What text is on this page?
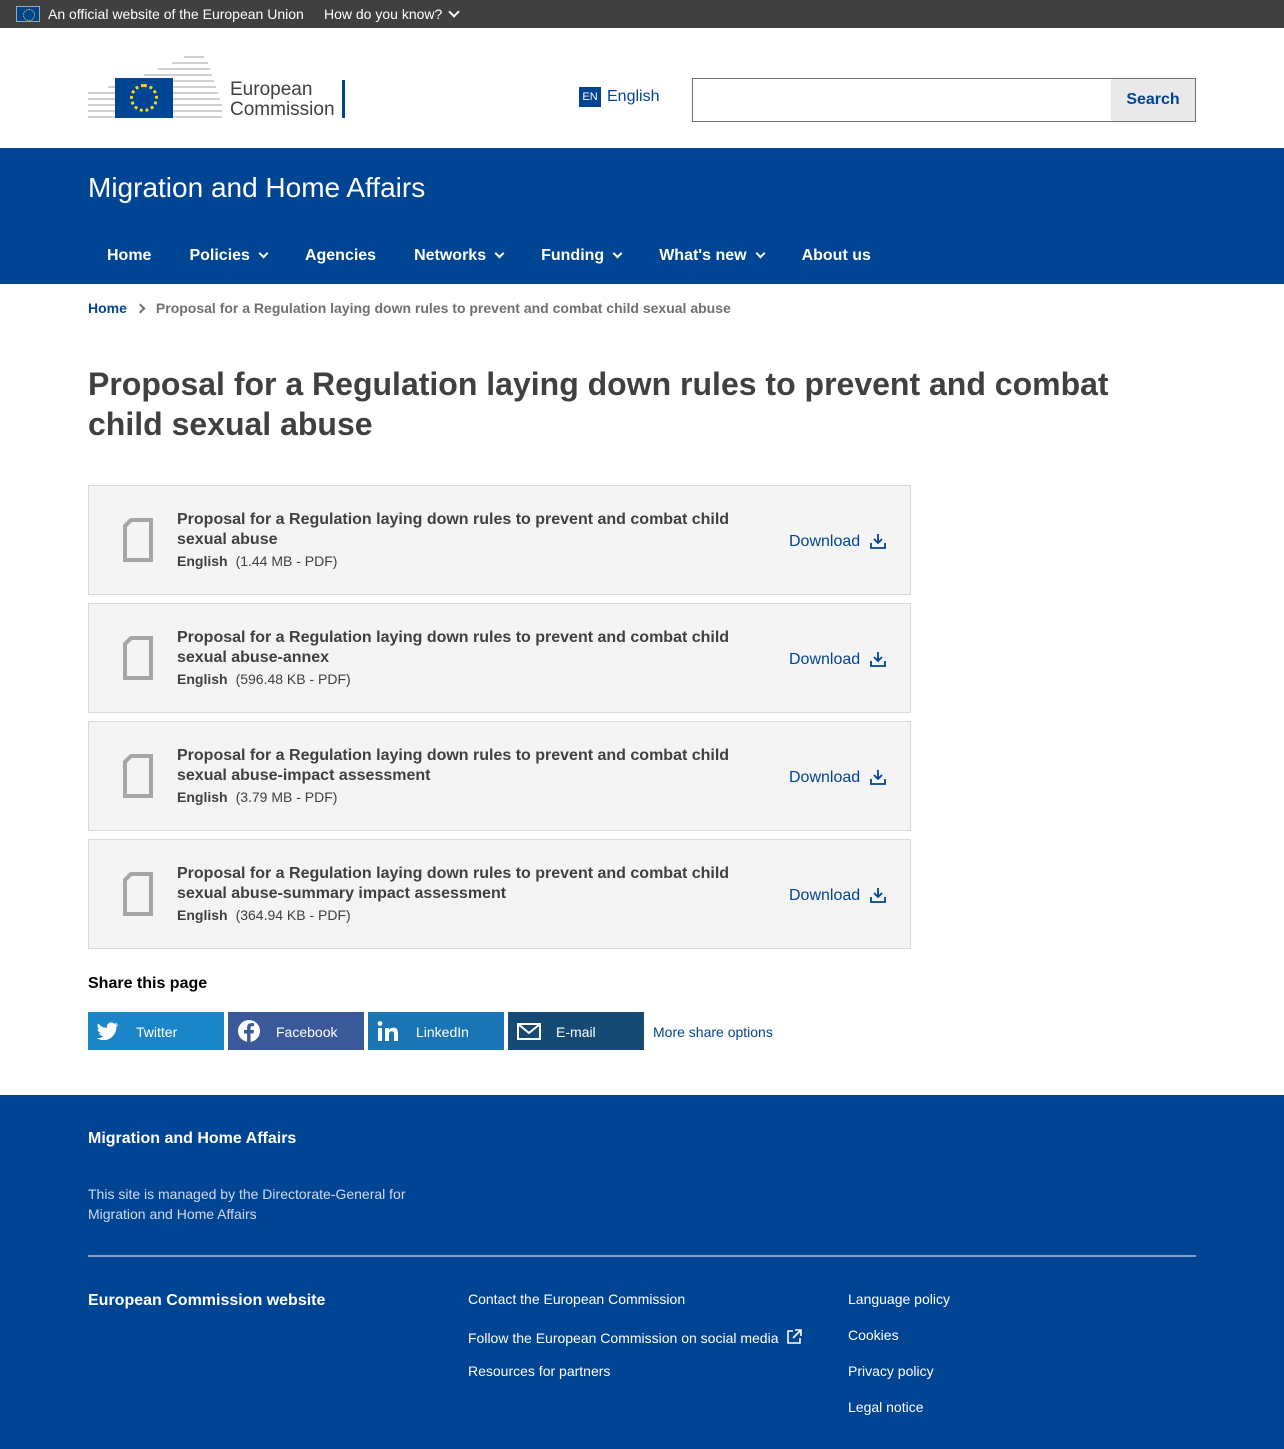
An official website of the European Union How do you know?
European
Commission
EN English	Search
Migration and Home Affairs
Home	Policies	Agencies	Networks	Funding	What's new	About us
Home Proposal for a Regulation laying down rules to prevent and combat child sexual abuse
Proposal for a Regulation laying down rules to prevent and combat child sexual abuse
Proposal for a Regulation laying down rules to prevent and combat child sexual abuse
English (1.44 MB - PDF)
Download
Proposal for a Regulation laying down rules to prevent and combat child sexual abuse-annex
English (596.48 KB - PDF)
Download
Proposal for a Regulation laying down rules to prevent and combat child sexual abuse-impact assessment
English (3.79 MB - PDF)
Download
Proposal for a Regulation laying down rules to prevent and combat child sexual abuse-summary impact assessment
English (364.94 KB - PDF)
Download
Share this page
Twitter	Facebook	LinkedIn	E-mail	More share options
Migration and Home Affairs
This site is managed by the Directorate-General for Migration and Home Affairs
European Commission website	Contact the European Commission
Follow the European Commission on social media
Resources for partners
Language policy
Cookies
Privacy policy
Legal notice
